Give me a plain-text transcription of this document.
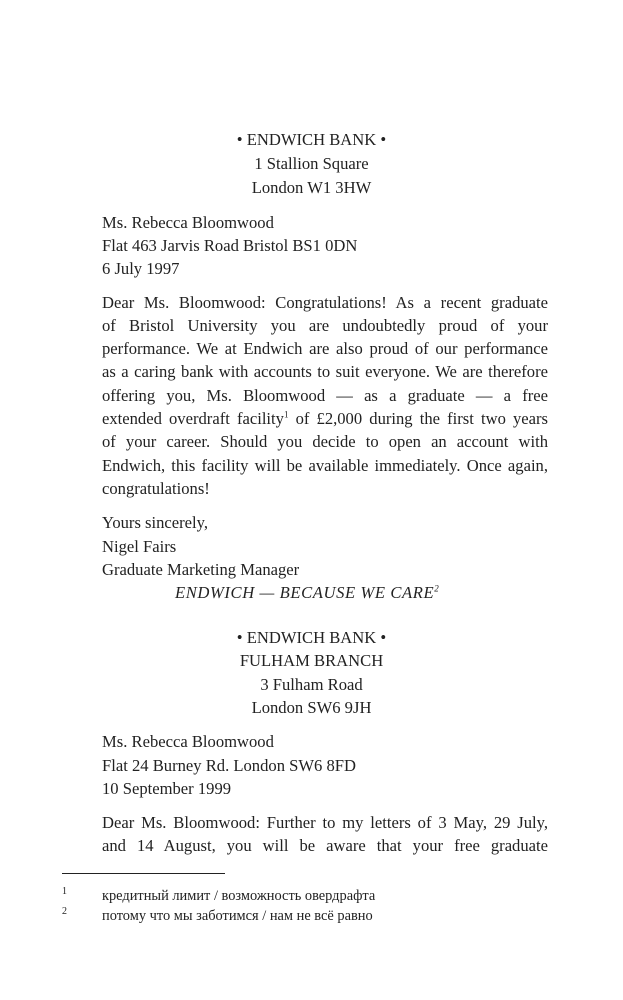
• ENDWICH BANK •
1 Stallion Square
London W1 3HW
Ms. Rebecca Bloomwood
Flat 463 Jarvis Road Bristol BS1 0DN
6 July 1997
Dear Ms. Bloomwood: Congratulations! As a recent graduate
of Bristol University you are undoubtedly proud of your
performance. We at Endwich are also proud of our performance
as a caring bank with accounts to suit everyone. We are therefore
offering you, Ms. Bloomwood — as a graduate — a free
extended overdraft facility$^1$ of £2,000 during the first two years
of your career. Should you decide to open an account with
Endwich, this facility will be available immediately. Once again,
congratulations!
Yours sincerely,
Nigel Fairs
Graduate Marketing Manager
ENDWICH — BECAUSE WE CARE$^2$
• ENDWICH BANK •
FULHAM BRANCH
3 Fulham Road
London SW6 9JH
Ms. Rebecca Bloomwood
Flat 24 Burney Rd. London SW6 8FD
10 September 1999
Dear Ms. Bloomwood: Further to my letters of 3 May, 29 July,
and 14 August, you will be aware that your free graduate
1 кредитный лимит / возможность овердрафта
2 потому что мы заботимся / нам не всё равно
